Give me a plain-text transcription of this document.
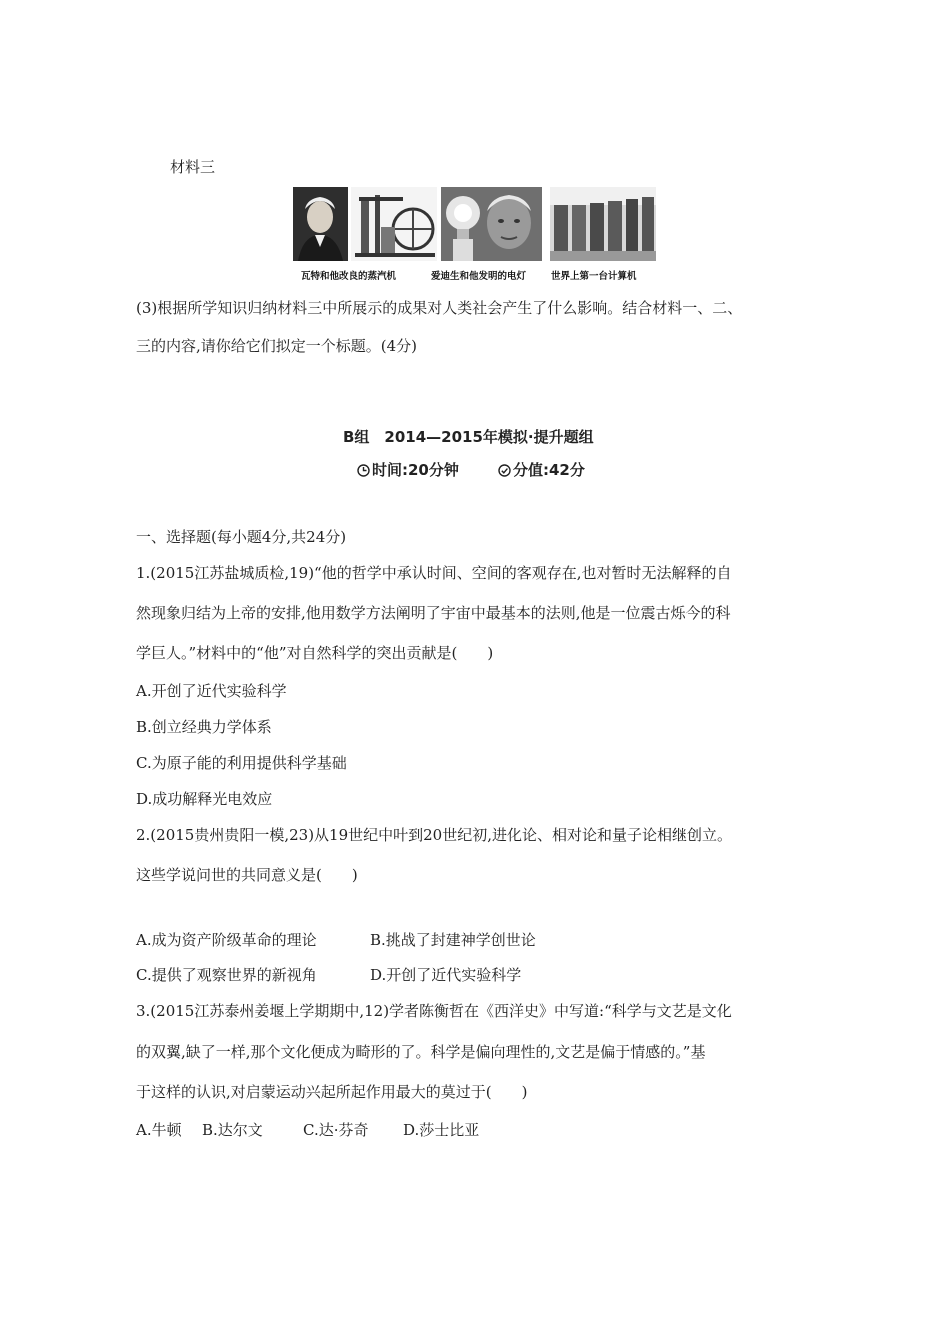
材料三
瓦特和他改良的蒸汽机	爱迪生和他发明的电灯	世界上第一台计算机
(3)根据所学知识归纳材料三中所展示的成果对人类社会产生了什么影响。结合材料一、二、
三的内容,请你给它们拟定一个标题。(4分)
B组　2014—2015年模拟·提升题组
时间:20分钟	分值:42分
一、选择题(每小题4分,共24分)
1.(2015江苏盐城质检,19)“他的哲学中承认时间、空间的客观存在,也对暂时无法解释的自
然现象归结为上帝的安排,他用数学方法阐明了宇宙中最基本的法则,他是一位震古烁今的科
学巨人。”材料中的“他”对自然科学的突出贡献是(　　)
A.开创了近代实验科学
B.创立经典力学体系
C.为原子能的利用提供科学基础
D.成功解释光电效应
2.(2015贵州贵阳一模,23)从19世纪中叶到20世纪初,进化论、相对论和量子论相继创立。
这些学说问世的共同意义是(　　)
A.成为资产阶级革命的理论	B.挑战了封建神学创世论
C.提供了观察世界的新视角	D.开创了近代实验科学
3.(2015江苏泰州姜堰上学期期中,12)学者陈衡哲在《西洋史》中写道:“科学与文艺是文化
的双翼,缺了一样,那个文化便成为畸形的了。科学是偏向理性的,文艺是偏于情感的。”基
于这样的认识,对启蒙运动兴起所起作用最大的莫过于(　　)
A.牛顿 B.达尔文	C.达·芬奇 D.莎士比亚
